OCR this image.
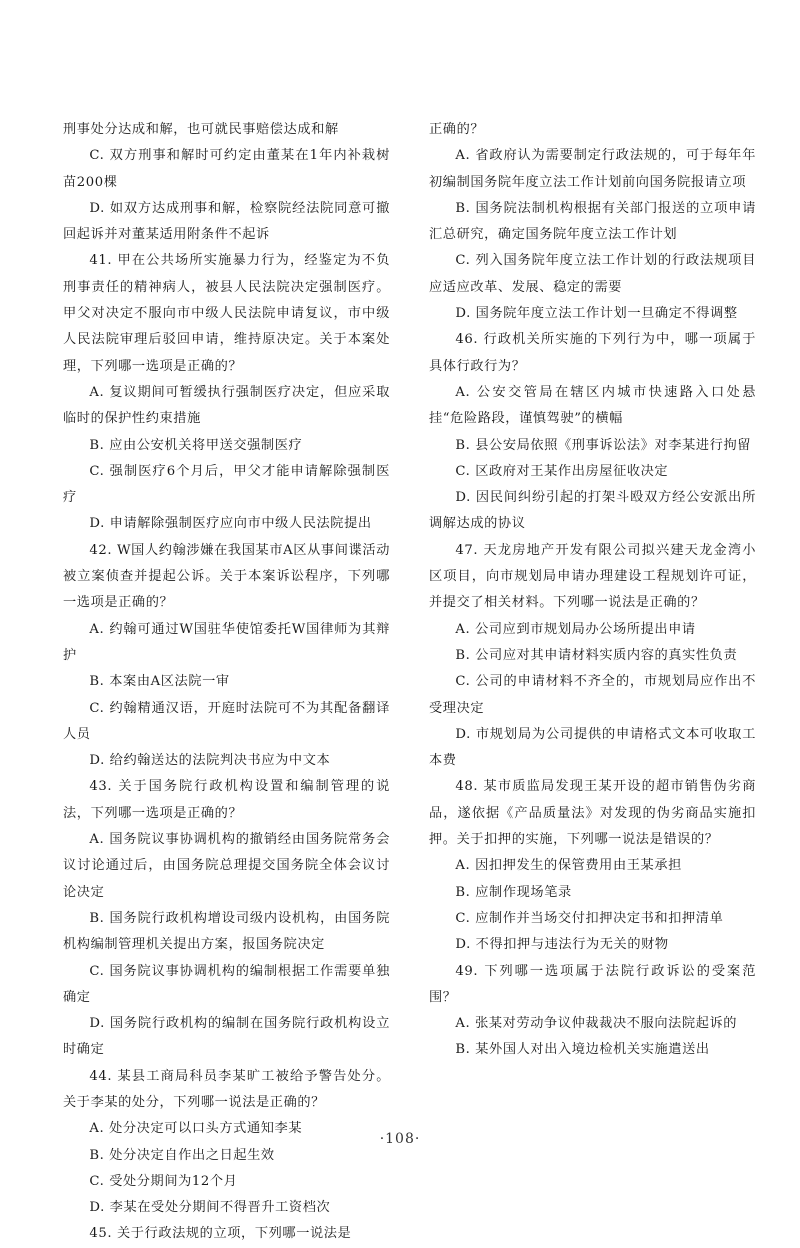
刑事处分达成和解，也可就民事赔偿达成和解

C. 双方刑事和解时可约定由董某在1年内补栽树苗200棵

D. 如双方达成刑事和解，检察院经法院同意可撤回起诉并对董某适用附条件不起诉

41. 甲在公共场所实施暴力行为，经鉴定为不负刑事责任的精神病人，被县人民法院决定强制医疗。甲父对决定不服向市中级人民法院申请复议，市中级人民法院审理后驳回申请，维持原决定。关于本案处理，下列哪一选项是正确的？

A. 复议期间可暂缓执行强制医疗决定，但应采取临时的保护性约束措施

B. 应由公安机关将甲送交强制医疗

C. 强制医疗6个月后，甲父才能申请解除强制医疗

D. 申请解除强制医疗应向市中级人民法院提出

42. W国人约翰涉嫌在我国某市A区从事间谍活动被立案侦查并提起公诉。关于本案诉讼程序，下列哪一选项是正确的？

A. 约翰可通过W国驻华使馆委托W国律师为其辩护

B. 本案由A区法院一审

C. 约翰精通汉语，开庭时法院可不为其配备翻译人员

D. 给约翰送达的法院判决书应为中文本

43. 关于国务院行政机构设置和编制管理的说法，下列哪一选项是正确的？

A. 国务院议事协调机构的撤销经由国务院常务会议讨论通过后，由国务院总理提交国务院全体会议讨论决定

B. 国务院行政机构增设司级内设机构，由国务院机构编制管理机关提出方案，报国务院决定

C. 国务院议事协调机构的编制根据工作需要单独确定

D. 国务院行政机构的编制在国务院行政机构设立时确定

44. 某县工商局科员李某旷工被给予警告处分。关于李某的处分，下列哪一说法是正确的？

A. 处分决定可以口头方式通知李某

B. 处分决定自作出之日起生效

C. 受处分期间为12个月

D. 李某在受处分期间不得晋升工资档次

45. 关于行政法规的立项，下列哪一说法是

正确的？

A. 省政府认为需要制定行政法规的，可于每年年初编制国务院年度立法工作计划前向国务院报请立项

B. 国务院法制机构根据有关部门报送的立项申请汇总研究，确定国务院年度立法工作计划

C. 列入国务院年度立法工作计划的行政法规项目应适应改革、发展、稳定的需要

D. 国务院年度立法工作计划一旦确定不得调整

46. 行政机关所实施的下列行为中，哪一项属于具体行政行为？

A. 公安交管局在辖区内城市快速路入口处悬挂“危险路段，谨慎驾驶”的横幅

B. 县公安局依照《刑事诉讼法》对李某进行拘留

C. 区政府对王某作出房屋征收决定

D. 因民间纠纷引起的打架斗殴双方经公安派出所调解达成的协议

47. 天龙房地产开发有限公司拟兴建天龙金湾小区项目，向市规划局申请办理建设工程规划许可证，并提交了相关材料。下列哪一说法是正确的？

A. 公司应到市规划局办公场所提出申请

B. 公司应对其申请材料实质内容的真实性负责

C. 公司的申请材料不齐全的，市规划局应作出不受理决定

D. 市规划局为公司提供的申请格式文本可收取工本费

48. 某市质监局发现王某开设的超市销售伪劣商品，遂依据《产品质量法》对发现的伪劣商品实施扣押。关于扣押的实施，下列哪一说法是错误的？

A. 因扣押发生的保管费用由王某承担

B. 应制作现场笔录

C. 应制作并当场交付扣押决定书和扣押清单

D. 不得扣押与违法行为无关的财物

49. 下列哪一选项属于法院行政诉讼的受案范围？

A. 张某对劳动争议仲裁裁决不服向法院起诉的

B. 某外国人对出入境边检机关实施遣送出

·108·
